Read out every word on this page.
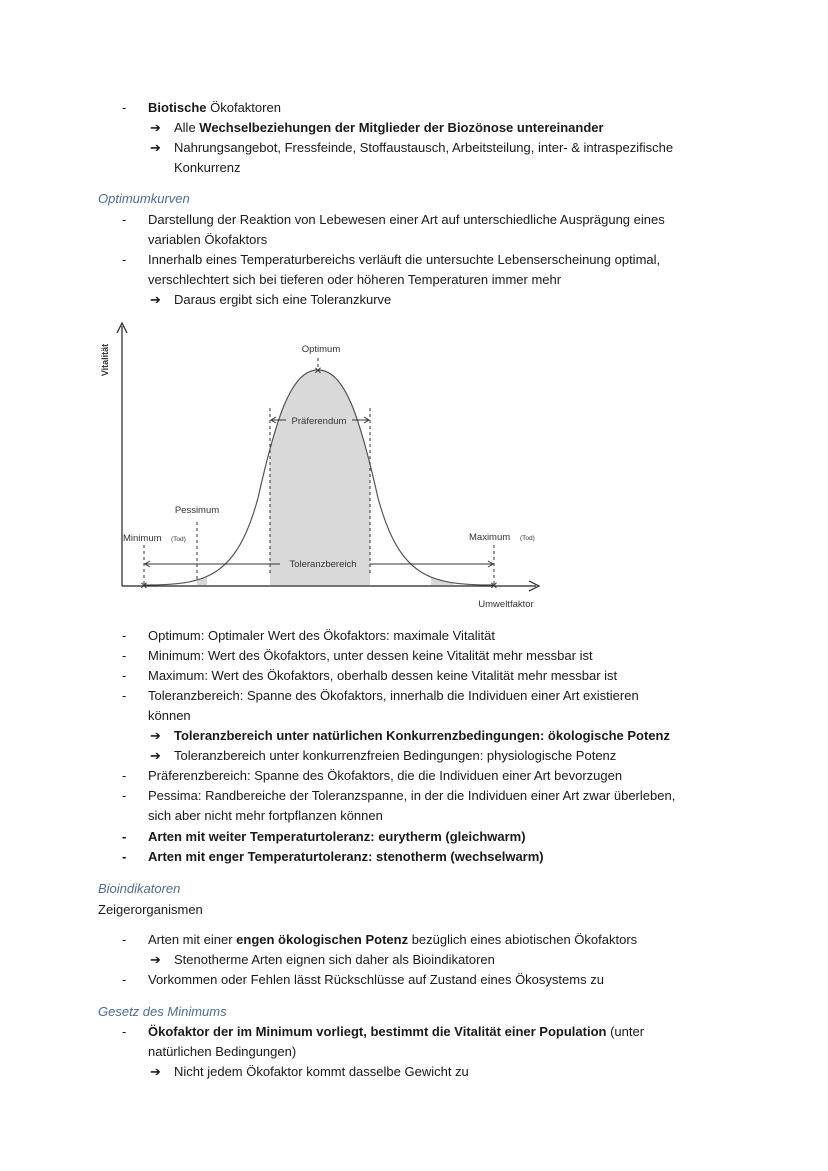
- Biotische Ökofaktoren
➔ Alle Wechselbeziehungen der Mitglieder der Biozönose untereinander
➔ Nahrungsangebot, Fressfeinde, Stoffaustausch, Arbeitsteilung, inter- & intraspezifische
Konkurrenz
Optimumkurven
- Darstellung der Reaktion von Lebewesen einer Art auf unterschiedliche Ausprägung eines
variablen Ökofaktors
- Innerhalb eines Temperaturbereichs verläuft die untersuchte Lebenserscheinung optimal,
verschlechtert sich bei tieferen oder höheren Temperaturen immer mehr
➔ Daraus ergibt sich eine Toleranzkurve
✕
✕	✕
Vitalität
Umweltfaktor
Optimum
Präferendum
Pessimum
Minimum (Tod)	Maximum (Tod)
Toleranzbereich
- Optimum: Optimaler Wert des Ökofaktors: maximale Vitalität
- Minimum: Wert des Ökofaktors, unter dessen keine Vitalität mehr messbar ist
- Maximum: Wert des Ökofaktors, oberhalb dessen keine Vitalität mehr messbar ist
- Toleranzbereich: Spanne des Ökofaktors, innerhalb die Individuen einer Art existieren
können
➔ Toleranzbereich unter natürlichen Konkurrenzbedingungen: ökologische Potenz
➔ Toleranzbereich unter konkurrenzfreien Bedingungen: physiologische Potenz
- Präferenzbereich: Spanne des Ökofaktors, die die Individuen einer Art bevorzugen
- Pessima: Randbereiche der Toleranzspanne, in der die Individuen einer Art zwar überleben,
sich aber nicht mehr fortpflanzen können
- Arten mit weiter Temperaturtoleranz: eurytherm (gleichwarm)
- Arten mit enger Temperaturtoleranz: stenotherm (wechselwarm)
Bioindikatoren
Zeigerorganismen
- Arten mit einer engen ökologischen Potenz bezüglich eines abiotischen Ökofaktors
➔ Stenotherme Arten eignen sich daher als Bioindikatoren
- Vorkommen oder Fehlen lässt Rückschlüsse auf Zustand eines Ökosystems zu
Gesetz des Minimums
- Ökofaktor der im Minimum vorliegt, bestimmt die Vitalität einer Population (unter
natürlichen Bedingungen)
➔ Nicht jedem Ökofaktor kommt dasselbe Gewicht zu
